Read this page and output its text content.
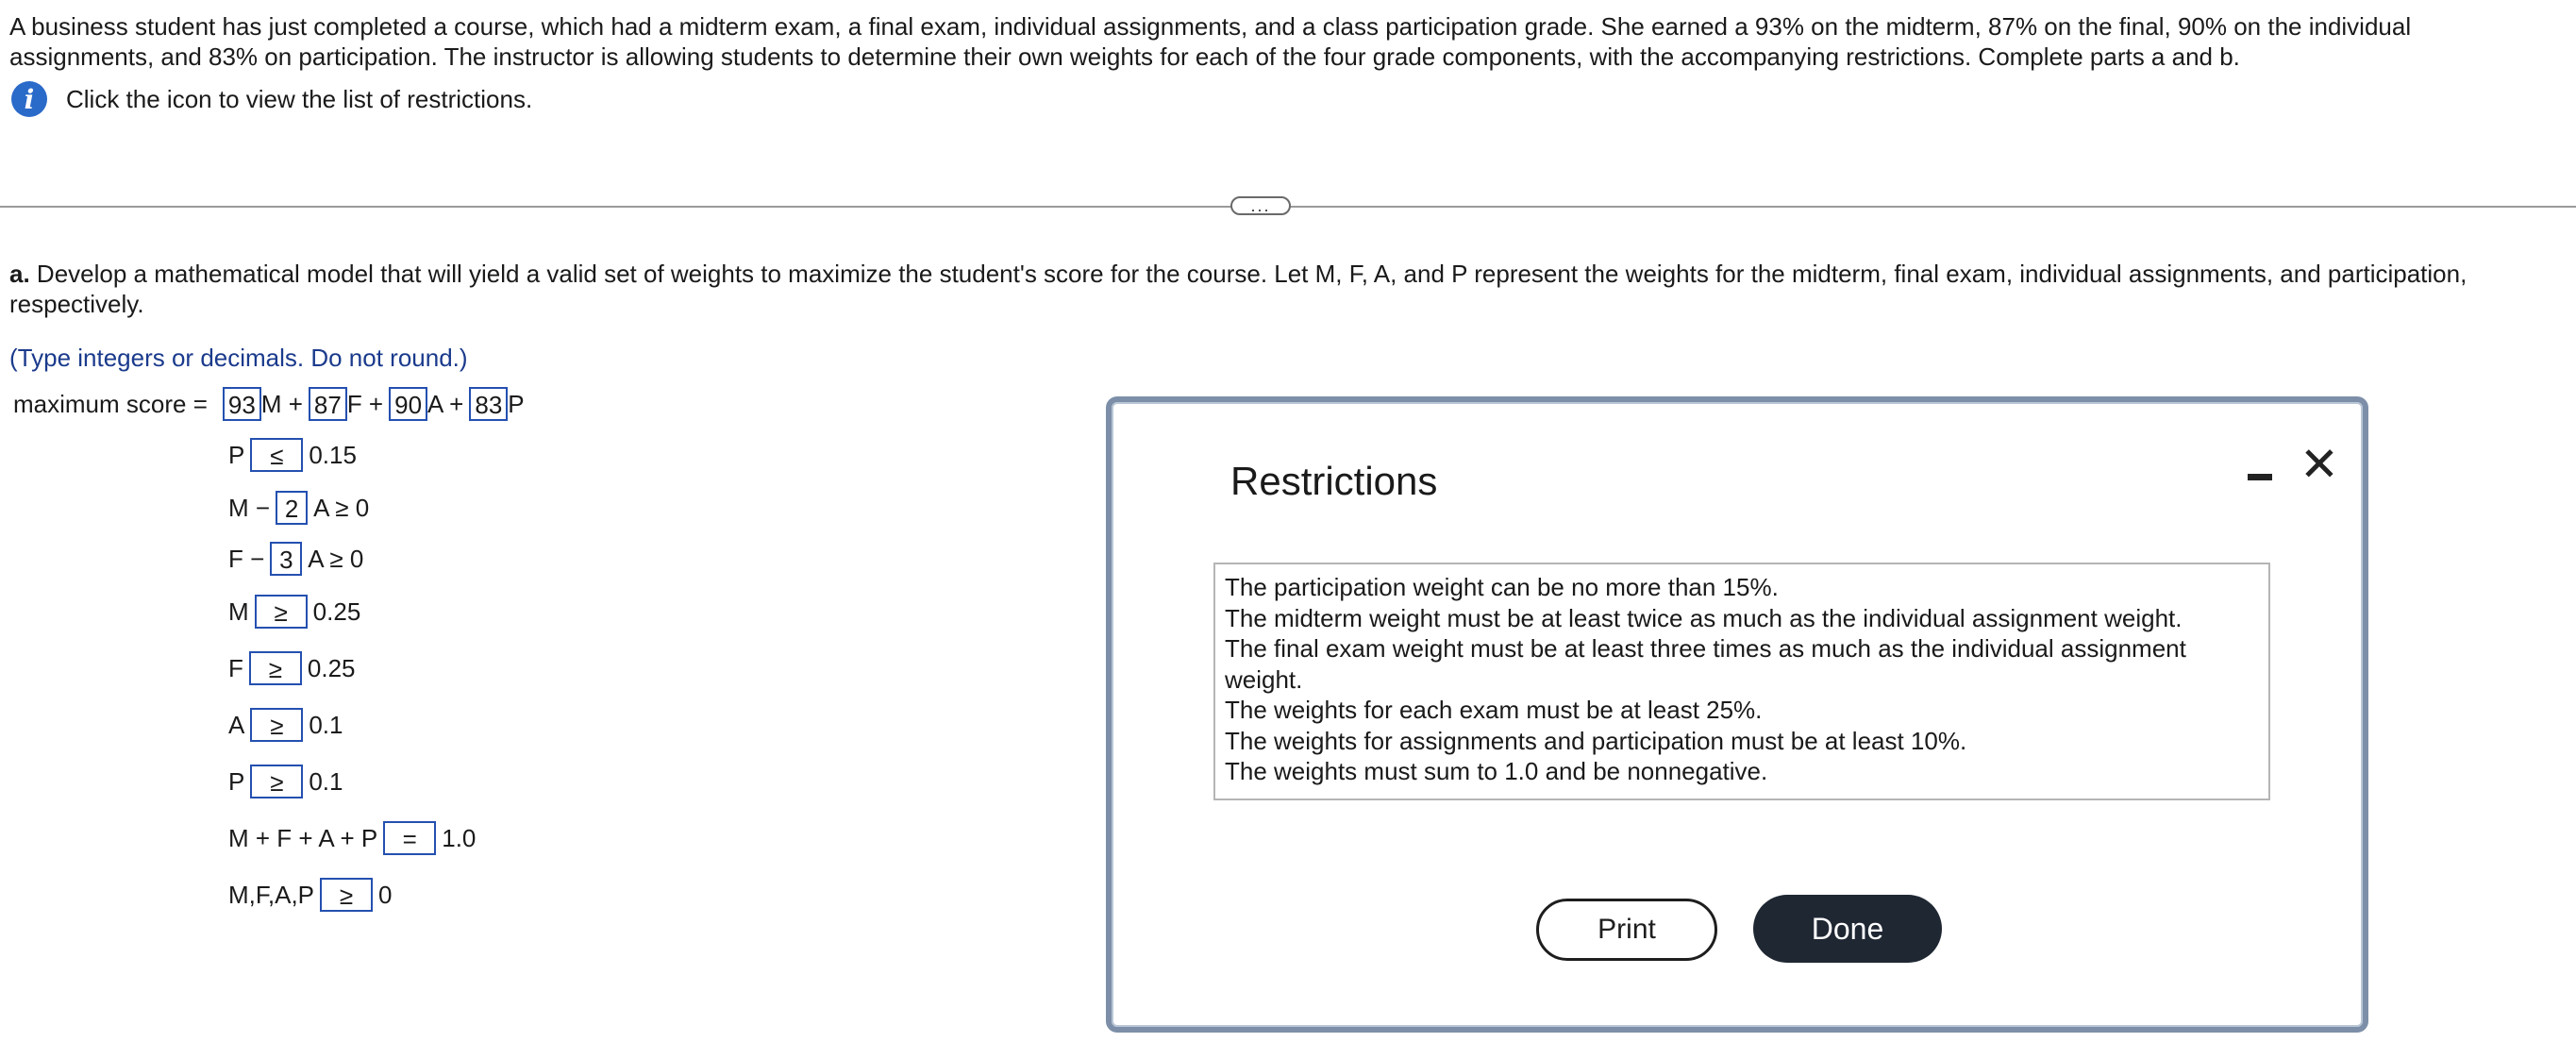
A business student has just completed a course, which had a midterm exam, a final exam, individual assignments, and a class participation grade. She earned a 93% on the midterm, 87% on the final, 90% on the individual assignments, and 83% on participation. The instructor is allowing students to determine their own weights for each of the four grade components, with the accompanying restrictions. Complete parts a and b.

i	Click the icon to view the list of restrictions.
...

a. Develop a mathematical model that will yield a valid set of weights to maximize the student's score for the course. Let M, F, A, and P represent the weights for the midterm, final exam, individual assignments, and participation, respectively.

(Type integers or decimals. Do not round.)
maximum score = 93 M + 87 F + 90 A + 83 P
P	≤	0.15
M − 2 A ≥ 0
F − 3 A ≥ 0
M	≥	0.25
F	≥	0.25
A	≥	0.1
P	≥	0.1
M + F + A + P	=	1.0
M,F,A,P	≥	0
Restrictions	✕
The participation weight can be no more than 15%.
The midterm weight must be at least twice as much as the individual assignment weight.
The final exam weight must be at least three times as much as the individual assignment weight.
The weights for each exam must be at least 25%.
The weights for assignments and participation must be at least 10%.
The weights must sum to 1.0 and be nonnegative.
Print	Done
